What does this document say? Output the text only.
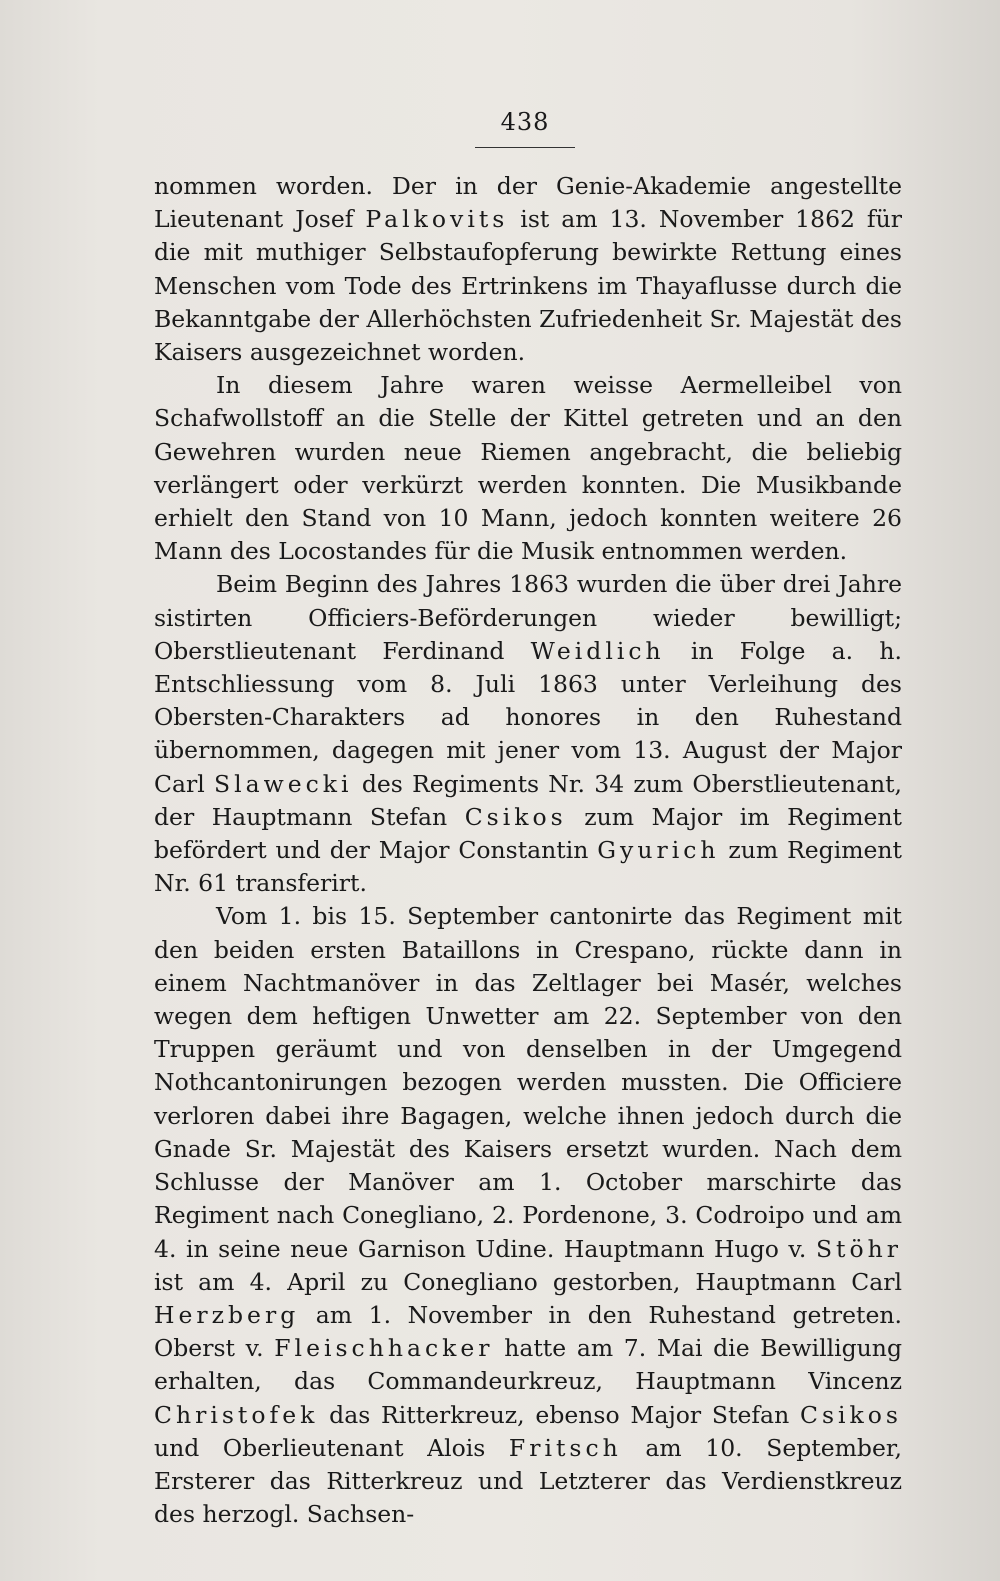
438

nommen worden. Der in der Genie-Akademie angestellte Lieutenant Josef Palkovits ist am 13. November 1862 für die mit muthiger Selbstaufopferung bewirkte Rettung eines Menschen vom Tode des Ertrinkens im Thayaflusse durch die Bekanntgabe der Allerhöchsten Zufriedenheit Sr. Majestät des Kaisers ausgezeichnet worden.

In diesem Jahre waren weisse Aermelleibel von Schafwollstoff an die Stelle der Kittel getreten und an den Gewehren wurden neue Riemen angebracht, die beliebig verlängert oder verkürzt werden konnten. Die Musikbande erhielt den Stand von 10 Mann, jedoch konnten weitere 26 Mann des Locostandes für die Musik entnommen werden.

Beim Beginn des Jahres 1863 wurden die über drei Jahre sistirten Officiers-Beförderungen wieder bewilligt; Oberstlieutenant Ferdinand Weidlich in Folge a. h. Entschliessung vom 8. Juli 1863 unter Verleihung des Obersten-Charakters ad honores in den Ruhestand übernommen, dagegen mit jener vom 13. August der Major Carl Slawecki des Regiments Nr. 34 zum Oberstlieutenant, der Hauptmann Stefan Csikos zum Major im Regiment befördert und der Major Constantin Gyurich zum Regiment Nr. 61 transferirt.

Vom 1. bis 15. September cantonirte das Regiment mit den beiden ersten Bataillons in Crespano, rückte dann in einem Nachtmanöver in das Zeltlager bei Masér, welches wegen dem heftigen Unwetter am 22. September von den Truppen geräumt und von denselben in der Umgegend Nothcantonirungen bezogen werden mussten. Die Officiere verloren dabei ihre Bagagen, welche ihnen jedoch durch die Gnade Sr. Majestät des Kaisers ersetzt wurden. Nach dem Schlusse der Manöver am 1. October marschirte das Regiment nach Conegliano, 2. Pordenone, 3. Codroipo und am 4. in seine neue Garnison Udine. Hauptmann Hugo v. Stöhr ist am 4. April zu Conegliano gestorben, Hauptmann Carl Herzberg am 1. November in den Ruhestand getreten. Oberst v. Fleischhacker hatte am 7. Mai die Bewilligung erhalten, das Commandeurkreuz, Hauptmann Vincenz Christofek das Ritterkreuz, ebenso Major Stefan Csikos und Oberlieutenant Alois Fritsch am 10. September, Ersterer das Ritterkreuz und Letzterer das Verdienstkreuz des herzogl. Sachsen-
